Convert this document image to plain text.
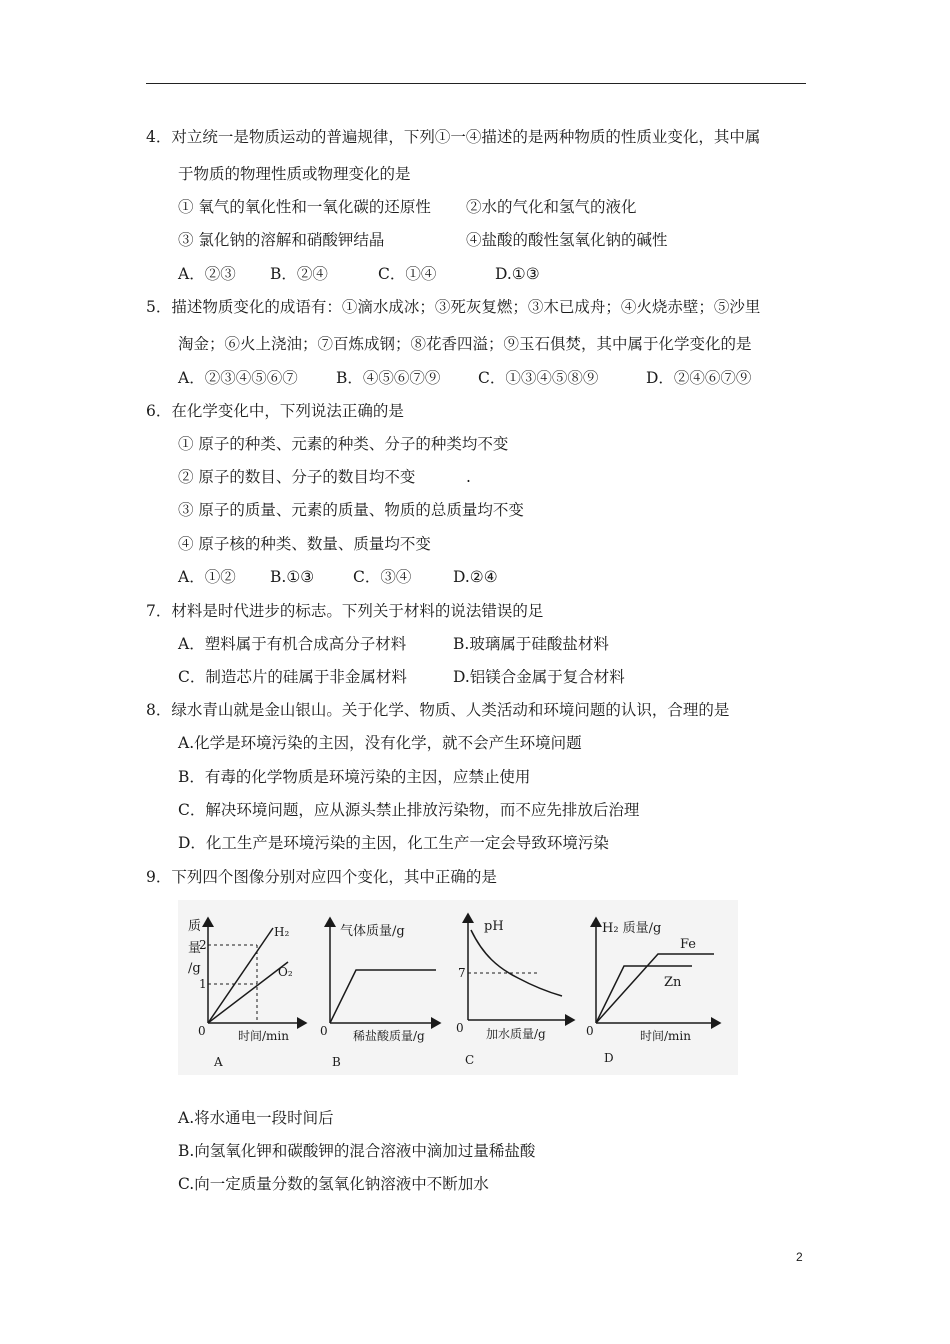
4．对立统一是物质运动的普遍规律，下列①一④描述的是两种物质的性质业变化，其中属
于物质的物理性质或物理变化的是
① 氧气的氧化性和一氧化碳的还原性 ②水的气化和氢气的液化
③ 氯化钠的溶解和硝酸钾结晶	④盐酸的酸性氢氧化钠的碱性
A．②③ B．②④	C．①④	D.①③
5．描述物质变化的成语有：①滴水成冰；③死灰复燃；③木已成舟；④火烧赤壁；⑤沙里
淘金；⑥火上浇油；⑦百炼成钢；⑧花香四溢；⑨玉石俱焚，其中属于化学变化的是
A．②③④⑤⑥⑦ B．④⑤⑥⑦⑨ C．①③④⑤⑧⑨	D．②④⑥⑦⑨
6．在化学变化中，下列说法正确的是
① 原子的种类、元素的种类、分子的种类均不变
② 原子的数目、分子的数目均不变	.
③ 原子的质量、元素的质量、物质的总质量均不变
④ 原子核的种类、数量、质量均不变
A．①② B.①③	C．③④	D.②④
7．材料是时代进步的标志。下列关于材料的说法错误的足
A．塑料属于有机合成高分子材料	B.玻璃属于硅酸盐材料
C．制造芯片的硅属于非金属材料	D.铝镁合金属于复合材料
8．绿水青山就是金山银山。关于化学、物质、人类活动和环境问题的认识，合理的是
A.化学是环境污染的主因，没有化学，就不会产生环境问题
B．有毒的化学物质是环境污染的主因，应禁止使用
C．解决环境问题，应从源头禁止排放污染物，而不应先排放后治理
D．化工生产是环境污染的主因，化工生产一定会导致环境污染
9．下列四个图像分别对应四个变化，其中正确的是
质
量
/g
2
1
0	时间/min
H₂
O₂
A
气体质量/g
0 稀盐酸质量/g
B
pH
7
0 加水质量/g
C
H₂ 质量/g
Fe
Zn
0	时间/min
D
A.将水通电一段时间后
B.向氢氧化钾和碳酸钾的混合溶液中滴加过量稀盐酸
C.向一定质量分数的氢氧化钠溶液中不断加水
2
